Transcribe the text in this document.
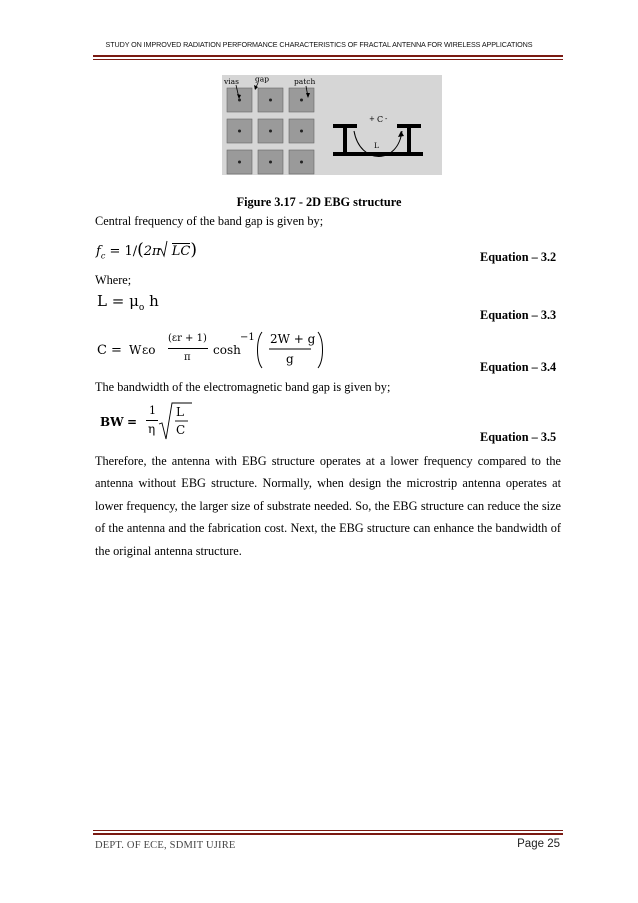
STUDY ON IMPROVED RADIATION PERFORMANCE CHARACTERISTICS OF FRACTAL ANTENNA FOR WIRELESS APPLICATIONS
vias gap	patch
+ C -
L
Figure 3.17 - 2D EBG structure
Central frequency of the band gap is given by;
$f_c = 1/(2\pi$ LC)	Equation – 3.2
Where;
$L = \mu_o$ h
Equation – 3.3
C = W εo
(εr + 1)
π
cosh
−1 2W + g
g
Equation – 3.4
The bandwidth of the electromagnetic band gap is given by;
BW =
1
η
L
C	Equation – 3.5
Therefore, the antenna with EBG structure operates at a lower frequency compared to the antenna without EBG structure. Normally, when design the microstrip antenna operates at lower frequency, the larger size of substrate needed. So, the EBG structure can reduce the size of the antenna and the fabrication cost. Next, the EBG structure can enhance the bandwidth of the original antenna structure.
DEPT. OF ECE, SDMIT UJIRE	Page 25
